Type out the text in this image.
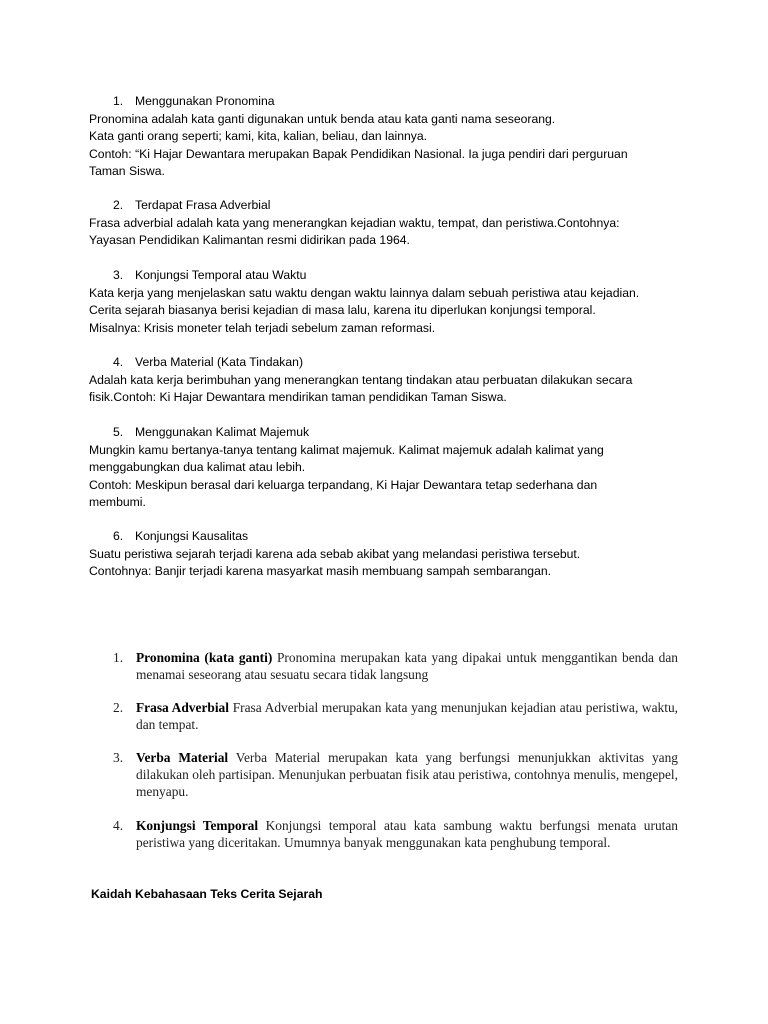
1. Menggunakan Pronomina
Pronomina adalah kata ganti digunakan untuk benda atau kata ganti nama seseorang.
Kata ganti orang seperti; kami, kita, kalian, beliau, dan lainnya.
Contoh: “Ki Hajar Dewantara merupakan Bapak Pendidikan Nasional. Ia juga pendiri dari perguruan
Taman Siswa.
2. Terdapat Frasa Adverbial
Frasa adverbial adalah kata yang menerangkan kejadian waktu, tempat, dan peristiwa.Contohnya:
Yayasan Pendidikan Kalimantan resmi didirikan pada 1964.
3. Konjungsi Temporal atau Waktu
Kata kerja yang menjelaskan satu waktu dengan waktu lainnya dalam sebuah peristiwa atau kejadian.
Cerita sejarah biasanya berisi kejadian di masa lalu, karena itu diperlukan konjungsi temporal.
Misalnya: Krisis moneter telah terjadi sebelum zaman reformasi.
4. Verba Material (Kata Tindakan)
Adalah kata kerja berimbuhan yang menerangkan tentang tindakan atau perbuatan dilakukan secara
fisik.Contoh: Ki Hajar Dewantara mendirikan taman pendidikan Taman Siswa.
5. Menggunakan Kalimat Majemuk
Mungkin kamu bertanya-tanya tentang kalimat majemuk. Kalimat majemuk adalah kalimat yang
menggabungkan dua kalimat atau lebih.
Contoh: Meskipun berasal dari keluarga terpandang, Ki Hajar Dewantara tetap sederhana dan
membumi.
6. Konjungsi Kausalitas
Suatu peristiwa sejarah terjadi karena ada sebab akibat yang melandasi peristiwa tersebut.
Contohnya: Banjir terjadi karena masyarkat masih membuang sampah sembarangan.
1. Pronomina (kata ganti) Pronomina merupakan kata yang dipakai untuk menggantikan benda dan menamai seseorang atau sesuatu secara tidak langsung
2. Frasa Adverbial Frasa Adverbial merupakan kata yang menunjukan kejadian atau peristiwa, waktu, dan tempat.
3. Verba Material Verba Material merupakan kata yang berfungsi menunjukkan aktivitas yang dilakukan oleh partisipan. Menunjukan perbuatan fisik atau peristiwa, contohnya menulis, mengepel, menyapu.
4. Konjungsi Temporal Konjungsi temporal atau kata sambung waktu berfungsi menata urutan peristiwa yang diceritakan. Umumnya banyak menggunakan kata penghubung temporal.
Kaidah Kebahasaan Teks Cerita Sejarah
